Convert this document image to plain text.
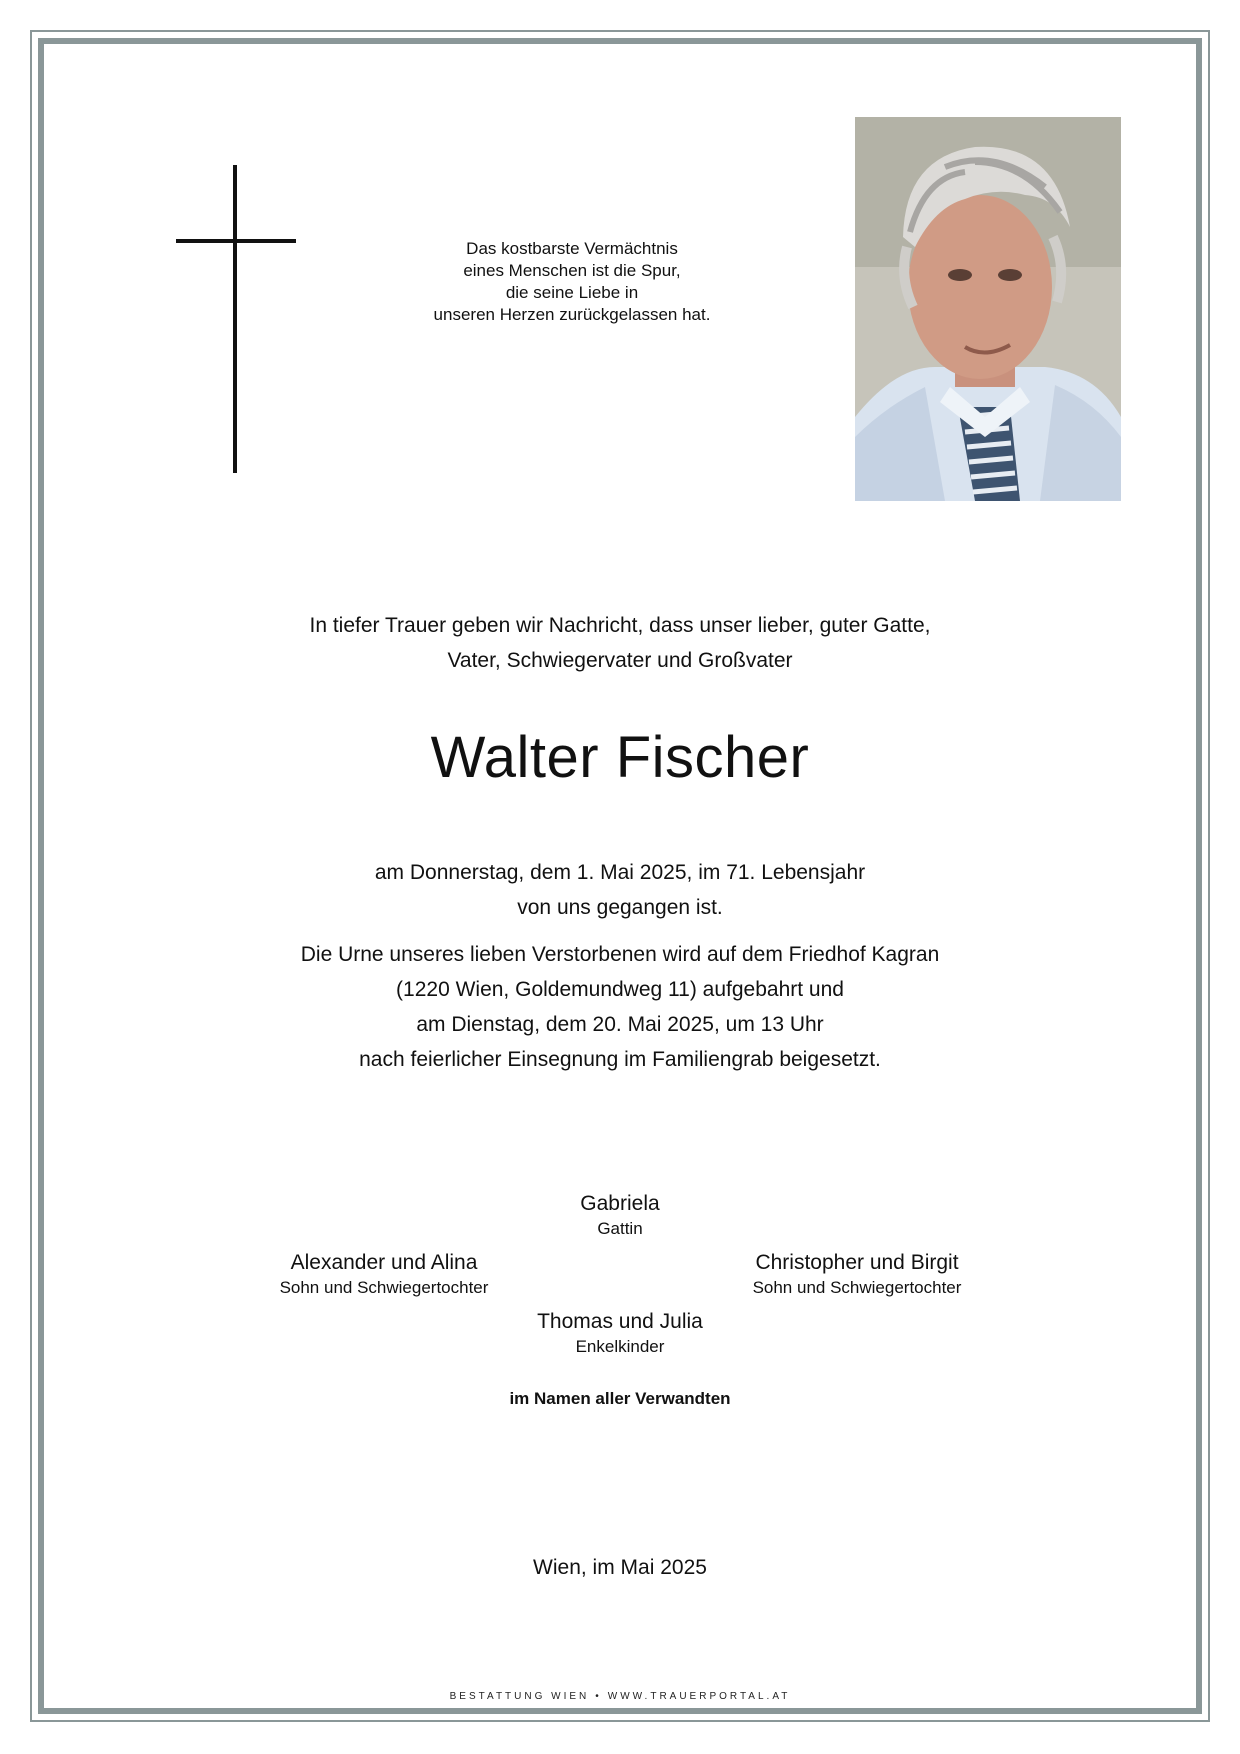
Das kostbarste Vermächtnis
eines Menschen ist die Spur,
die seine Liebe in
unseren Herzen zurückgelassen hat.
In tiefer Trauer geben wir Nachricht, dass unser lieber, guter Gatte,
Vater, Schwiegervater und Großvater
Walter Fischer
am Donnerstag, dem 1. Mai 2025, im 71. Lebensjahr
von uns gegangen ist.
Die Urne unseres lieben Verstorbenen wird auf dem Friedhof Kagran
(1220 Wien, Goldemundweg 11) aufgebahrt und
am Dienstag, dem 20. Mai 2025, um 13 Uhr
nach feierlicher Einsegnung im Familiengrab beigesetzt.
Gabriela
Gattin
Alexander und Alina
Sohn und Schwiegertochter
Christopher und Birgit
Sohn und Schwiegertochter
Thomas und Julia
Enkelkinder
im Namen aller Verwandten
Wien, im Mai 2025
BESTATTUNG WIEN • WWW.TRAUERPORTAL.AT
